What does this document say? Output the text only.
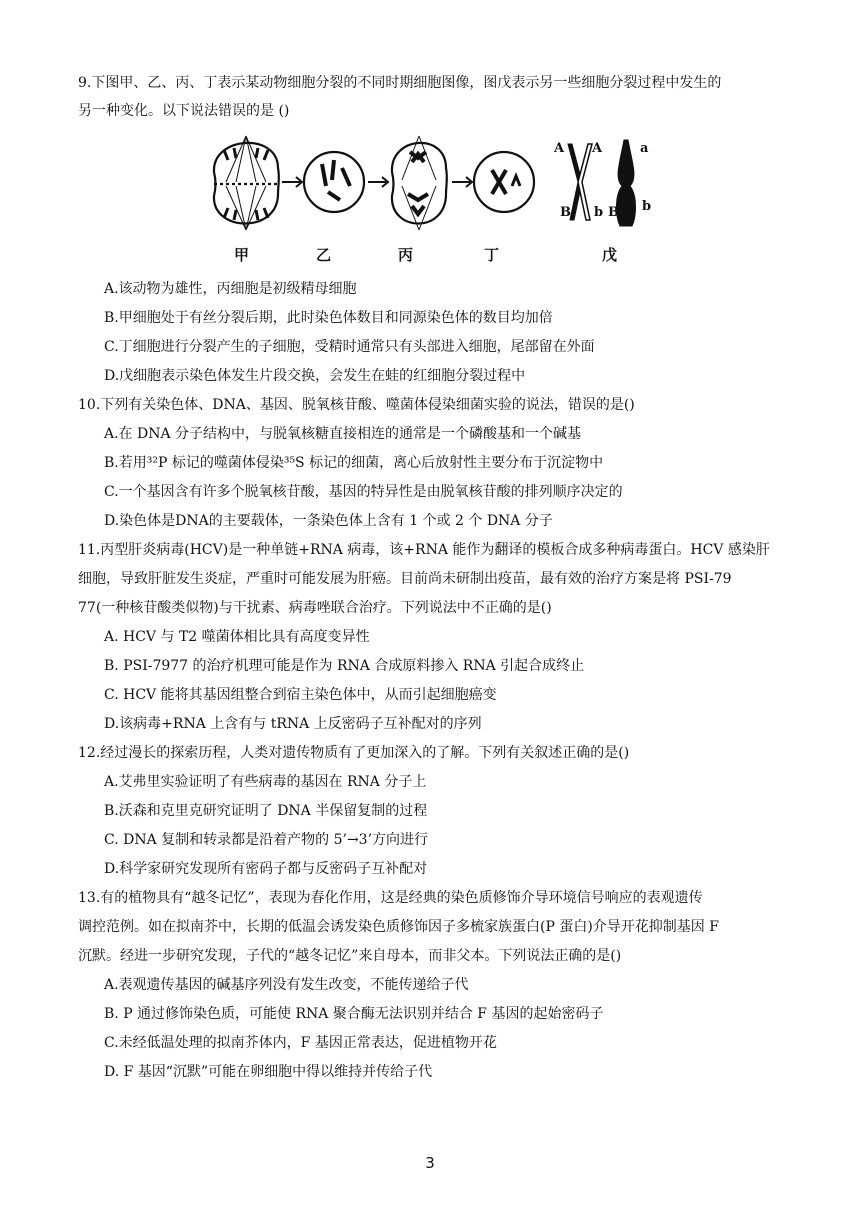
9.下图甲、乙、丙、丁表示某动物细胞分裂的不同时期细胞图像，图戊表示另一些细胞分裂过程中发生的
另一种变化。以下说法错误的是 ()
A A	a
B b B b
甲	乙	丙	丁	戊
A.该动物为雄性，丙细胞是初级精母细胞
B.甲细胞处于有丝分裂后期，此时染色体数目和同源染色体的数目均加倍
C.丁细胞进行分裂产生的子细胞，受精时通常只有头部进入细胞，尾部留在外面
D.戊细胞表示染色体发生片段交换，会发生在蛙的红细胞分裂过程中
10.下列有关染色体、DNA、基因、脱氧核苷酸、噬菌体侵染细菌实验的说法，错误的是()
A.在 DNA 分子结构中，与脱氧核糖直接相连的通常是一个磷酸基和一个碱基
B.若用³²P 标记的噬菌体侵染³⁵S 标记的细菌，离心后放射性主要分布于沉淀物中
C.一个基因含有许多个脱氧核苷酸，基因的特异性是由脱氧核苷酸的排列顺序决定的
D.染色体是DNA的主要载体，一条染色体上含有 1 个或 2 个 DNA 分子
11.丙型肝炎病毒(HCV)是一种单链+RNA 病毒，该+RNA 能作为翻译的模板合成多种病毒蛋白。HCV 感染肝
细胞，导致肝脏发生炎症，严重时可能发展为肝癌。目前尚未研制出疫苗，最有效的治疗方案是将 PSI-79
77(一种核苷酸类似物)与干扰素、病毒唑联合治疗。下列说法中不正确的是()
A. HCV 与 T2 噬菌体相比具有高度变异性
B. PSI-7977 的治疗机理可能是作为 RNA 合成原料掺入 RNA 引起合成终止
C. HCV 能将其基因组整合到宿主染色体中，从而引起细胞癌变
D.该病毒+RNA 上含有与 tRNA 上反密码子互补配对的序列
12.经过漫长的探索历程，人类对遗传物质有了更加深入的了解。下列有关叙述正确的是()
A.艾弗里实验证明了有些病毒的基因在 RNA 分子上
B.沃森和克里克研究证明了 DNA 半保留复制的过程
C. DNA 复制和转录都是沿着产物的 5’→3’方向进行
D.科学家研究发现所有密码子都与反密码子互补配对
13.有的植物具有“越冬记忆”，表现为春化作用，这是经典的染色质修饰介导环境信号响应的表观遗传
调控范例。如在拟南芥中，长期的低温会诱发染色质修饰因子多梳家族蛋白(P 蛋白)介导开花抑制基因 F
沉默。经进一步研究发现，子代的“越冬记忆”来自母本，而非父本。下列说法正确的是()
A.表观遗传基因的碱基序列没有发生改变，不能传递给子代
B. P 通过修饰染色质，可能使 RNA 聚合酶无法识别并结合 F 基因的起始密码子
C.未经低温处理的拟南芥体内，F 基因正常表达，促进植物开花
D. F 基因“沉默”可能在卵细胞中得以维持并传给子代
3
